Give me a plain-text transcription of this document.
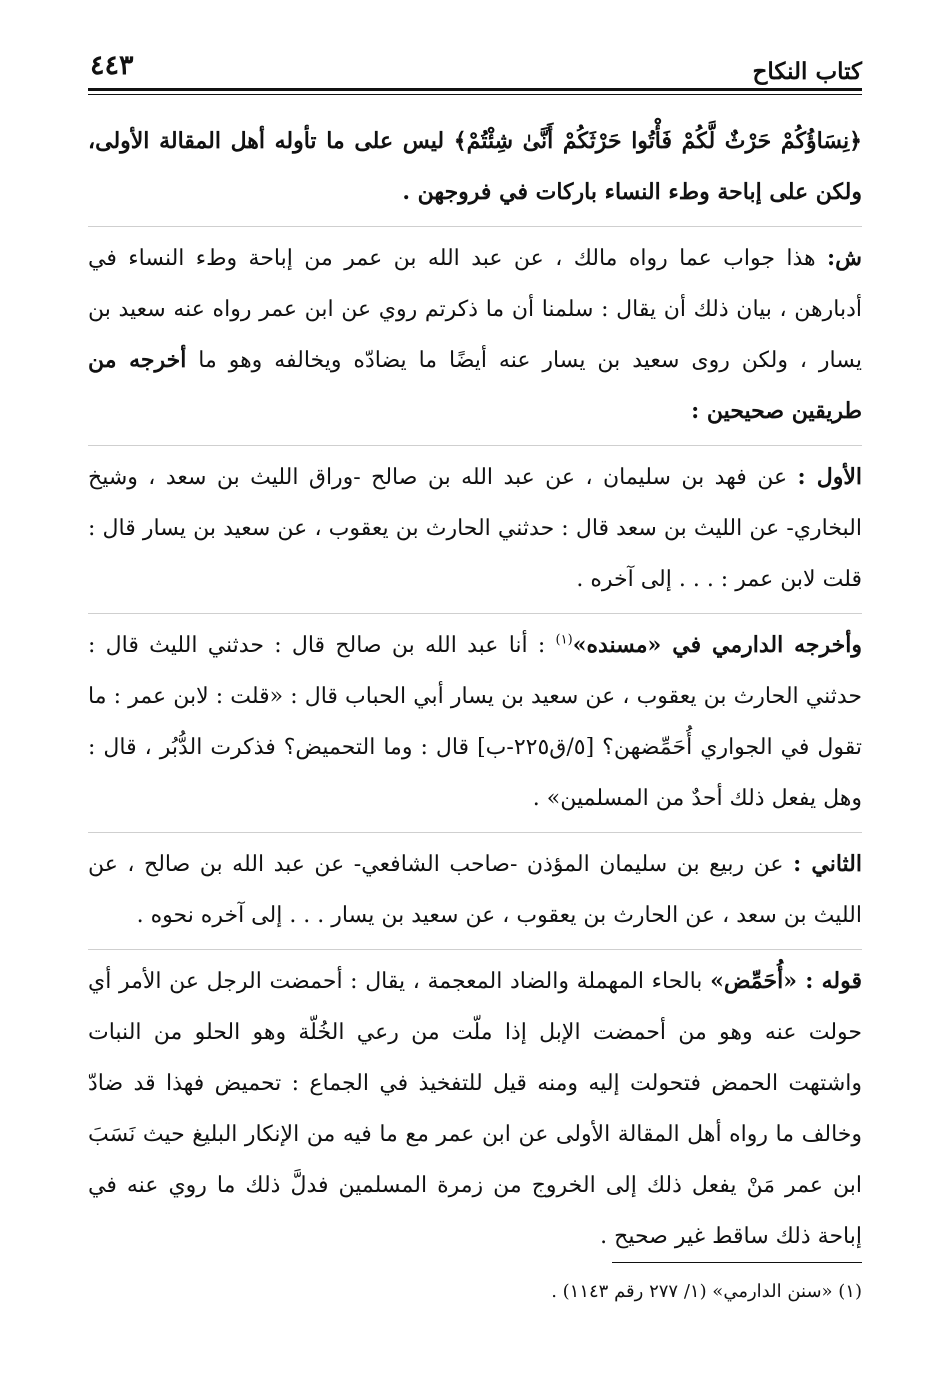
كتاب النكاح
٤٤٣

﴿نِسَاؤُكُمْ حَرْثٌ لَّكُمْ فَأْتُوا حَرْثَكُمْ أَنَّىٰ شِئْتُمْ﴾ ليس على ما تأوله أهل المقالة الأولى، ولكن على إباحة وطء النساء باركات في فروجهن .

ش: هذا جواب عما رواه مالك ، عن عبد الله بن عمر من إباحة وطء النساء في أدبارهن ، بيان ذلك أن يقال : سلمنا أن ما ذكرتم روي عن ابن عمر رواه عنه سعيد بن يسار ، ولكن روى سعيد بن يسار عنه أيضًا ما يضادّه ويخالفه وهو ما أخرجه من طريقين صحيحين :

الأول : عن فهد بن سليمان ، عن عبد الله بن صالح -وراق الليث بن سعد ، وشيخ البخاري- عن الليث بن سعد قال : حدثني الحارث بن يعقوب ، عن سعيد بن يسار قال : قلت لابن عمر : . . . إلى آخره .

وأخرجه الدارمي في «مسنده»$^{(١)}$ : أنا عبد الله بن صالح قال : حدثني الليث قال : حدثني الحارث بن يعقوب ، عن سعيد بن يسار أبي الحباب قال : «قلت : لابن عمر : ما تقول في الجواري أُحَمِّضهن؟ [٥/ق٢٢٥-ب] قال : وما التحميض؟ فذكرت الدُّبُر ، قال : وهل يفعل ذلك أحدٌ من المسلمين» .

الثاني : عن ربيع بن سليمان المؤذن -صاحب الشافعي- عن عبد الله بن صالح ، عن الليث بن سعد ، عن الحارث بن يعقوب ، عن سعيد بن يسار . . . إلى آخره نحوه .

قوله : «أُحَمِّض» بالحاء المهملة والضاد المعجمة ، يقال : أحمضت الرجل عن الأمر أي حولت عنه وهو من أحمضت الإبل إذا ملّت من رعي الخُلّة وهو الحلو من النبات واشتهت الحمض فتحولت إليه ومنه قيل للتفخيذ في الجماع : تحميض فهذا قد ضادّ وخالف ما رواه أهل المقالة الأولى عن ابن عمر مع ما فيه من الإنكار البليغ حيث نَسَبَ ابن عمر مَنْ يفعل ذلك إلى الخروج من زمرة المسلمين فدلَّ ذلك ما روي عنه في إباحة ذلك ساقط غير صحيح .

(١) «سنن الدارمي» (١/ ٢٧٧ رقم ١١٤٣) .
